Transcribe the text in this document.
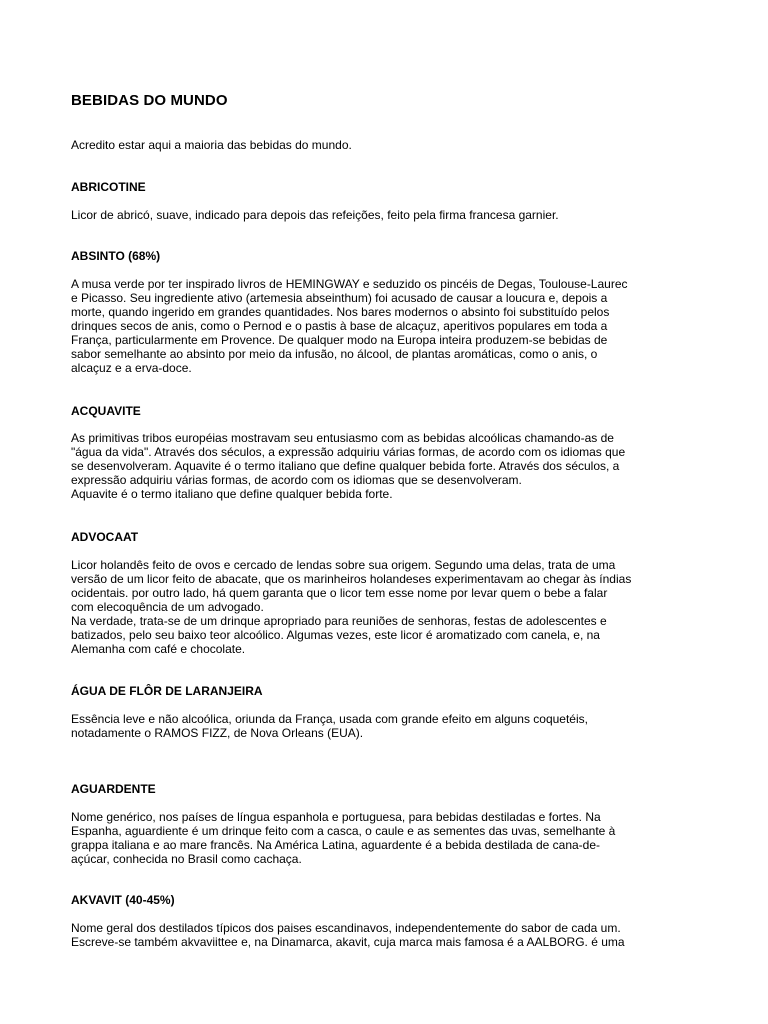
BEBIDAS DO MUNDO

Acredito estar aqui a maioria das bebidas do mundo.

ABRICOTINE
Licor de abricó, suave, indicado para depois das refeições, feito pela firma francesa garnier.
ABSINTO (68%)
A musa verde por ter inspirado livros de HEMINGWAY e seduzido os pincéis de Degas, Toulouse-Laurec
e Picasso. Seu ingrediente ativo (artemesia abseinthum) foi acusado de causar a loucura e, depois a
morte, quando ingerido em grandes quantidades. Nos bares modernos o absinto foi substituído pelos
drinques secos de anis, como o Pernod e o pastis à base de alcaçuz, aperitivos populares em toda a
França, particularmente em Provence. De qualquer modo na Europa inteira produzem-se bebidas de
sabor semelhante ao absinto por meio da infusão, no álcool, de plantas aromáticas, como o anis, o
alcaçuz e a erva-doce.
ACQUAVITE
As primitivas tribos européias mostravam seu entusiasmo com as bebidas alcoólicas chamando-as de
"água da vida". Através dos séculos, a expressão adquiriu várias formas, de acordo com os idiomas que
se desenvolveram. Aquavite é o termo italiano que define qualquer bebida forte. Através dos séculos, a
expressão adquiriu várias formas, de acordo com os idiomas que se desenvolveram.
Aquavite é o termo italiano que define qualquer bebida forte.
ADVOCAAT
Licor holandês feito de ovos e cercado de lendas sobre sua origem. Segundo uma delas, trata de uma
versão de um licor feito de abacate, que os marinheiros holandeses experimentavam ao chegar às índias
ocidentais. por outro lado, há quem garanta que o licor tem esse nome por levar quem o bebe a falar
com elecoquência de um advogado.
Na verdade, trata-se de um drinque apropriado para reuniões de senhoras, festas de adolescentes e
batizados, pelo seu baixo teor alcoólico. Algumas vezes, este licor é aromatizado com canela, e, na
Alemanha com café e chocolate.
ÁGUA DE FLÔR DE LARANJEIRA
Essência leve e não alcoólica, oriunda da França, usada com grande efeito em alguns coquetéis,
notadamente o RAMOS FIZZ, de Nova Orleans (EUA).
AGUARDENTE
Nome genérico, nos países de língua espanhola e portuguesa, para bebidas destiladas e fortes. Na
Espanha, aguardiente é um drinque feito com a casca, o caule e as sementes das uvas, semelhante à
grappa italiana e ao mare francês. Na América Latina, aguardente é a bebida destilada de cana-de-
açúcar, conhecida no Brasil como cachaça.
AKVAVIT (40-45%)
Nome geral dos destilados típicos dos paises escandinavos, independentemente do sabor de cada um.
Escreve-se também akvaviittee e, na Dinamarca, akavit, cuja marca mais famosa é a AALBORG. é uma
